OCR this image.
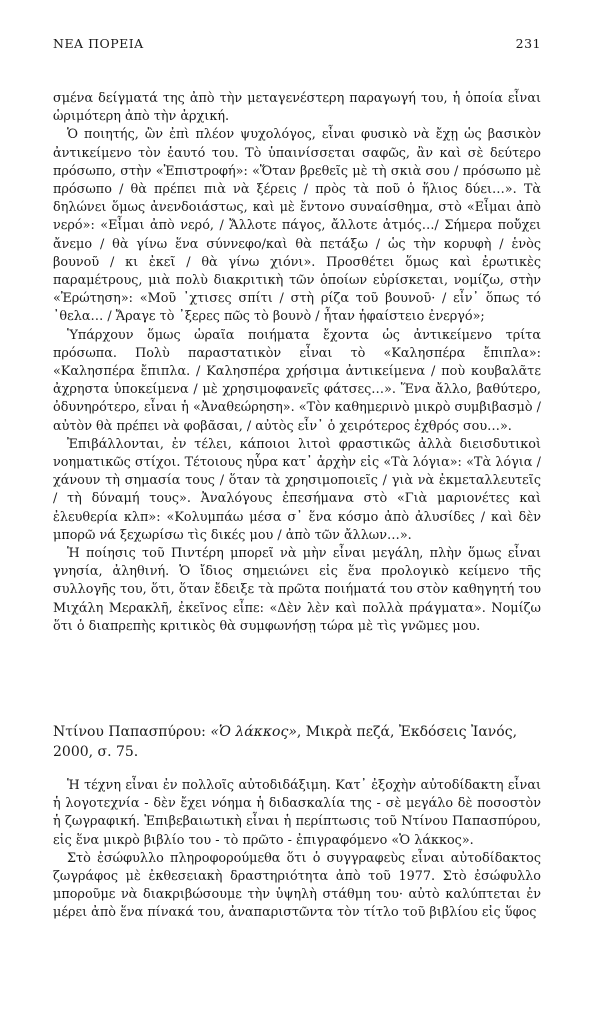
ΝΕΑ ΠΟΡΕΙΑ	231

σμένα δείγματά της ἀπὸ τὴν μεταγενέστερη παραγωγή του, ἡ ὁποία εἶναι ὡριμότερη ἀπὸ τὴν ἀρχική.

Ὁ ποιητής, ὢν ἐπὶ πλέον ψυχολόγος, εἶναι φυσικὸ νὰ ἔχῃ ὡς βασικὸν ἀντικείμενο τὸν ἑαυτό του. Τὸ ὑπαινίσσεται σαφῶς, ἂν καὶ σὲ δεύτερο πρόσωπο, στὴν «Ἐπιστροφή»: «Ὅταν βρεθεῖς μὲ τὴ σκιὰ σου / πρόσωπο μὲ πρόσωπο / θὰ πρέπει πιὰ νὰ ξέρεις / πρὸς τὰ ποῦ ὁ ἥλιος δύει…». Τὰ δηλώνει ὅμως ἀνενδοιάστως, καὶ μὲ ἔντονο συναίσθημα, στὸ «Εἶμαι ἀπὸ νερό»: «Εἶμαι ἀπὸ νερό, / Ἄλλοτε πάγος, ἄλλοτε ἀτμός…/ Σήμερα ποὔχει ἄνεμο / θὰ γίνω ἕνα σύννεφο/καὶ θὰ πετάξω / ὡς τὴν κορυφὴ / ἑνὸς βουνοῦ / κι ἐκεῖ / θὰ γίνω χιόνι». Προσθέτει ὅμως καὶ ἐρωτικὲς παραμέτρους, μιὰ πολὺ διακριτικὴ τῶν ὁποίων εὑρίσκεται, νομίζω, στὴν «Ἐρώτηση»: «Μοῦ ᾽χτισες σπίτι / στὴ ρίζα τοῦ βουνοῦ· / εἶν᾽ ὅπως τό ᾽θελα… / Ἄραγε τὸ ᾽ξερες πῶς τὸ βουνὸ / ἦταν ἡφαίστειο ἐνεργό»;

Ὑπάρχουν ὅμως ὡραῖα ποιήματα ἔχοντα ὡς ἀντικείμενο τρίτα πρόσωπα. Πολὺ παραστατικὸν εἶναι τὸ «Καλησπέρα ἔπιπλα»: «Καλησπέρα ἔπιπλα. / Καλησπέρα χρήσιμα ἀντικείμενα / ποὺ κουβαλᾶτε ἀχρηστα ὑποκείμενα / μὲ χρησιμοφανεῖς φάτσες…». Ἕνα ἄλλο, βαθύτερο, ὀδυνηρότερο, εἶναι ἡ «Ἀναθεώρηση». «Τὸν καθημερινὸ μικρὸ συμβιβασμὸ / αὐτὸν θὰ πρέπει νὰ φοβᾶσαι, / αὐτὸς εἶν᾽ ὁ χειρότερος ἐχθρός σου…».

Ἐπιβάλλονται, ἐν τέλει, κάποιοι λιτοὶ φραστικῶς ἀλλὰ διεισδυτικοὶ νοηματικῶς στίχοι. Τέτοιους ηὗρα κατ᾽ ἀρχὴν εἰς «Τὰ λόγια»: «Τὰ λόγια / χάνουν τὴ σημασία τους / ὅταν τὰ χρησιμοποιεῖς / γιὰ νὰ ἐκμεταλλευτεῖς / τὴ δύναμή τους». Ἀναλόγους ἐπεσήμανα στὸ «Γιὰ μαριονέτες καὶ ἐλευθερία κλπ»: «Κολυμπάω μέσα σ᾽ ἕνα κόσμο ἀπὸ ἀλυσίδες / καὶ δὲν μπορῶ νά ξεχωρίσω τὶς δικές μου / ἀπὸ τῶν ἄλλων…».

Ἡ ποίησις τοῦ Πιντέρη μπορεῖ νὰ μὴν εἶναι μεγάλη, πλὴν ὅμως εἶναι γνησία, ἀληθινή. Ὁ ἴδιος σημειώνει εἰς ἕνα προλογικὸ κείμενο τῆς συλλογῆς του, ὅτι, ὅταν ἔδειξε τὰ πρῶτα ποιήματά του στὸν καθηγητή του Μιχάλη Μερακλῆ, ἐκεῖνος εἶπε: «Δὲν λὲν καὶ πολλὰ πράγματα». Νομίζω ὅτι ὁ διαπρεπὴς κριτικὸς θὰ συμφωνήσῃ τώρα μὲ τὶς γνῶμες μου.

Ντίνου Παπασπύρου: «Ὁ λάκκος», Μικρὰ πεζά, Ἐκδόσεις Ἰανός, 2000, σ. 75.

Ἡ τέχνη εἶναι ἐν πολλοῖς αὐτοδιδάξιμη. Κατ᾽ ἐξοχὴν αὐτοδίδακτη εἶναι ἡ λογοτεχνία - δὲν ἔχει νόημα ἡ διδασκαλία της - σὲ μεγάλο δὲ ποσοστὸν ἡ ζωγραφική. Ἐπιβεβαιωτικὴ εἶναι ἡ περίπτωσις τοῦ Ντίνου Παπασπύρου, εἰς ἕνα μικρὸ βιβλίο του - τὸ πρῶτο - ἐπιγραφόμενο «Ὁ λάκκος».

Στὸ ἐσώφυλλο πληροφορούμεθα ὅτι ὁ συγγραφεὺς εἶναι αὐτοδίδακτος ζωγράφος μὲ ἐκθεσειακὴ δραστηριότητα ἀπὸ τοῦ 1977. Στὸ ἐσώφυλλο μποροῦμε νὰ διακριβώσουμε τὴν ὑψηλὴ στάθμη του· αὐτὸ καλύπτεται ἐν μέρει ἀπὸ ἕνα πίνακά του, ἀναπαριστῶντα τὸν τίτλο τοῦ βιβλίου εἰς ὕφος
